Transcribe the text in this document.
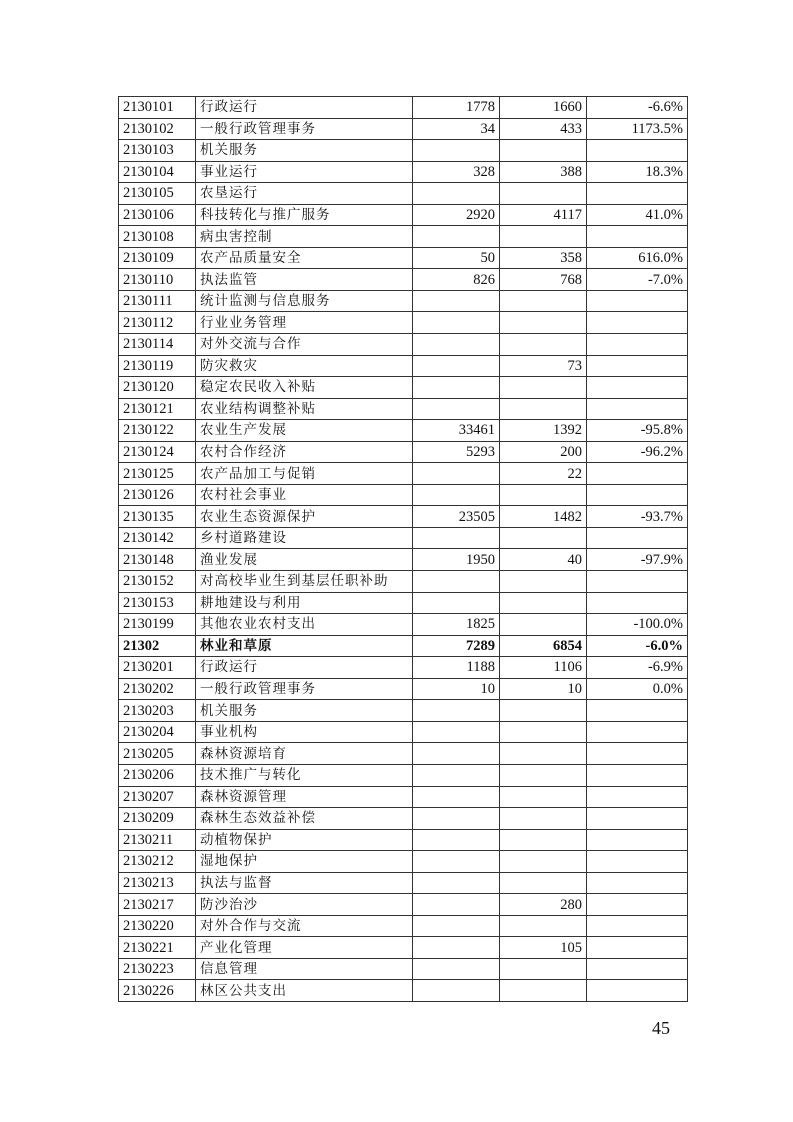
2130101	行政运行	1778	1660	-6.6%
2130102	一般行政管理事务	34	433	1173.5%
2130103	机关服务			
2130104	事业运行	328	388	18.3%
2130105	农垦运行			
2130106	科技转化与推广服务	2920	4117	41.0%
2130108	病虫害控制			
2130109	农产品质量安全	50	358	616.0%
2130110	执法监管	826	768	-7.0%
2130111	统计监测与信息服务			
2130112	行业业务管理			
2130114	对外交流与合作			
2130119	防灾救灾		73	
2130120	稳定农民收入补贴			
2130121	农业结构调整补贴			
2130122	农业生产发展	33461	1392	-95.8%
2130124	农村合作经济	5293	200	-96.2%
2130125	农产品加工与促销		22	
2130126	农村社会事业			
2130135	农业生态资源保护	23505	1482	-93.7%
2130142	乡村道路建设			
2130148	渔业发展	1950	40	-97.9%
2130152	对高校毕业生到基层任职补助			
2130153	耕地建设与利用			
2130199	其他农业农村支出	1825		-100.0%
21302	林业和草原	7289	6854	-6.0%
2130201	行政运行	1188	1106	-6.9%
2130202	一般行政管理事务	10	10	0.0%
2130203	机关服务			
2130204	事业机构			
2130205	森林资源培育			
2130206	技术推广与转化			
2130207	森林资源管理			
2130209	森林生态效益补偿			
2130211	动植物保护			
2130212	湿地保护			
2130213	执法与监督			
2130217	防沙治沙		280	
2130220	对外合作与交流			
2130221	产业化管理		105	
2130223	信息管理			
2130226	林区公共支出			
45
